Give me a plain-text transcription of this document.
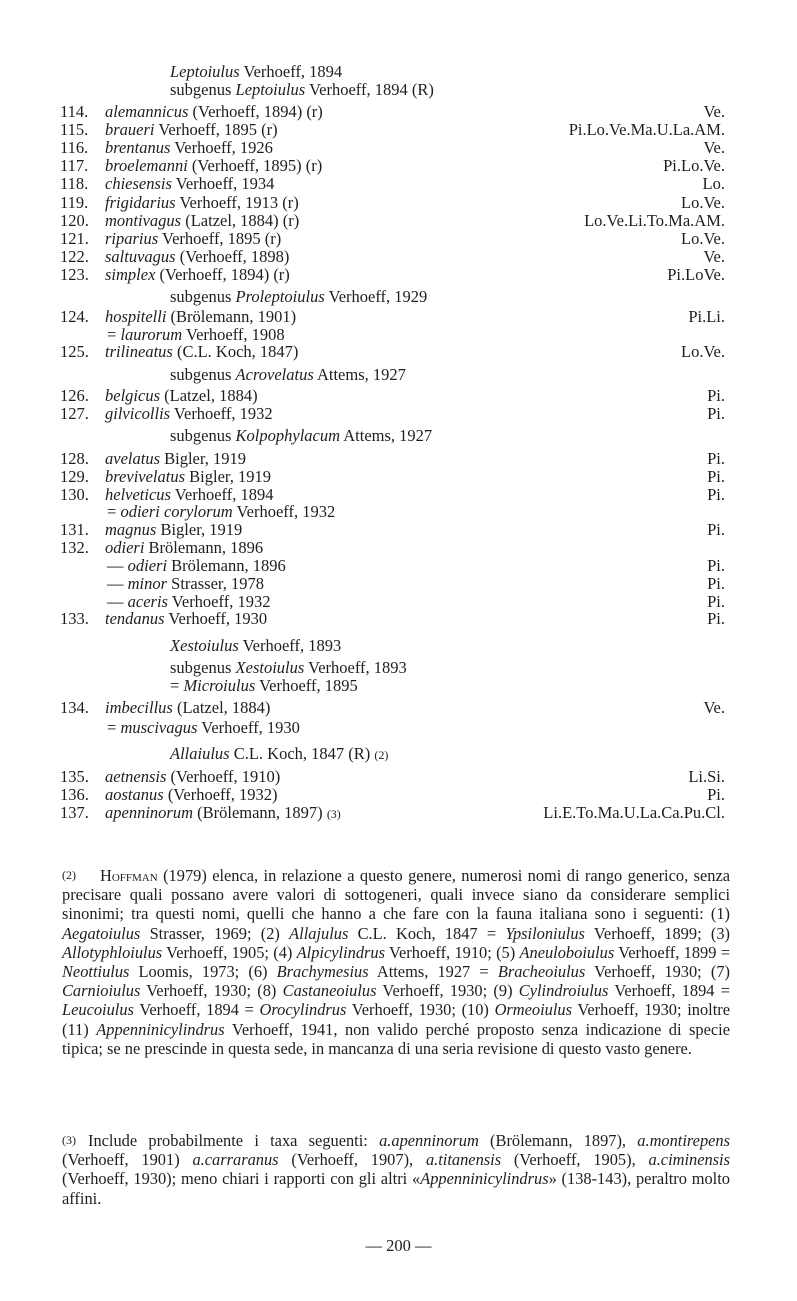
Leptoiulus Verhoeff, 1894
subgenus Leptoiulus Verhoeff, 1894 (R)
114.	alemannicus (Verhoeff, 1894) (r)	Ve.
115.	braueri Verhoeff, 1895 (r)	Pi.Lo.Ve.Ma.U.La.AM.
116.	brentanus Verhoeff, 1926	Ve.
117.	broelemanni (Verhoeff, 1895) (r)	Pi.Lo.Ve.
118.	chiesensis Verhoeff, 1934	Lo.
119.	frigidarius Verhoeff, 1913 (r)	Lo.Ve.
120. montivagus (Latzel, 1884) (r)	Lo.Ve.Li.To.Ma.AM.
121. riparius Verhoeff, 1895 (r)	Lo.Ve.
122. saltuvagus (Verhoeff, 1898)	Ve.
123. simplex (Verhoeff, 1894) (r)	Pi.LoVe.
subgenus Proleptoiulus Verhoeff, 1929
124. hospitelli (Brölemann, 1901)	Pi.Li.
= laurorum Verhoeff, 1908
125. trilineatus (C.L. Koch, 1847)	Lo.Ve.
subgenus Acrovelatus Attems, 1927
126. belgicus (Latzel, 1884)	Pi.
127. gilvicollis Verhoeff, 1932	Pi.
subgenus Kolpophylacum Attems, 1927
128. avelatus Bigler, 1919	Pi.
129. brevivelatus Bigler, 1919	Pi.
130. helveticus Verhoeff, 1894	Pi.
= odieri corylorum Verhoeff, 1932
131. magnus Bigler, 1919	Pi.
132. odieri Brölemann, 1896
— odieri Brölemann, 1896	Pi.
— minor Strasser, 1978	Pi.
— aceris Verhoeff, 1932	Pi.
133. tendanus Verhoeff, 1930	Pi.
Xestoiulus Verhoeff, 1893
subgenus Xestoiulus Verhoeff, 1893
= Microiulus Verhoeff, 1895
134. imbecillus (Latzel, 1884)	Ve.
= muscivagus Verhoeff, 1930
Allaiulus C.L. Koch, 1847 (R) (2)
135. aetnensis (Verhoeff, 1910)	Li.Si.
136. aostanus (Verhoeff, 1932)	Pi.
137. apenninorum (Brölemann, 1897) (3)	Li.E.To.Ma.U.La.Ca.Pu.Cl.
(2)	Hoffman (1979) elenca, in relazione a questo genere, numerosi nomi di rango generico, senza precisare quali possano avere valori di sottogeneri, quali invece siano da considerare semplici sinonimi; tra questi nomi, quelli che hanno a che fare con la fauna italiana sono i seguenti: (1) Aegatoiulus Strasser, 1969; (2) Allajulus C.L. Koch, 1847 = Ypsiloniulus Verhoeff, 1899; (3) Allotyphloiulus Verhoeff, 1905; (4) Alpicylindrus Verhoeff, 1910; (5) Aneuloboiulus Verhoeff, 1899 = Neottiulus Loomis, 1973; (6) Brachymesius Attems, 1927 = Bracheoiulus Verhoeff, 1930; (7) Carnioiulus Verhoeff, 1930; (8) Castaneoiulus Verhoeff, 1930; (9) Cylindroiulus Verhoeff, 1894 = Leucoiulus Verhoeff, 1894 = Orocylindrus Verhoeff, 1930; (10) Ormeoiulus Verhoeff, 1930; inoltre (11) Appenninicylindrus Verhoeff, 1941, non valido perché proposto senza indicazione di specie tipica; se ne prescinde in questa sede, in mancanza di una seria revisione di questo vasto genere.
(3) Include probabilmente i taxa seguenti: a.apenninorum (Brölemann, 1897), a.montirepens (Verhoeff, 1901) a.carraranus (Verhoeff, 1907), a.titanensis (Verhoeff, 1905), a.ciminensis (Verhoeff, 1930); meno chiari i rapporti con gli altri «Appenninicylindrus» (138-143), peraltro molto affini.
— 200 —
